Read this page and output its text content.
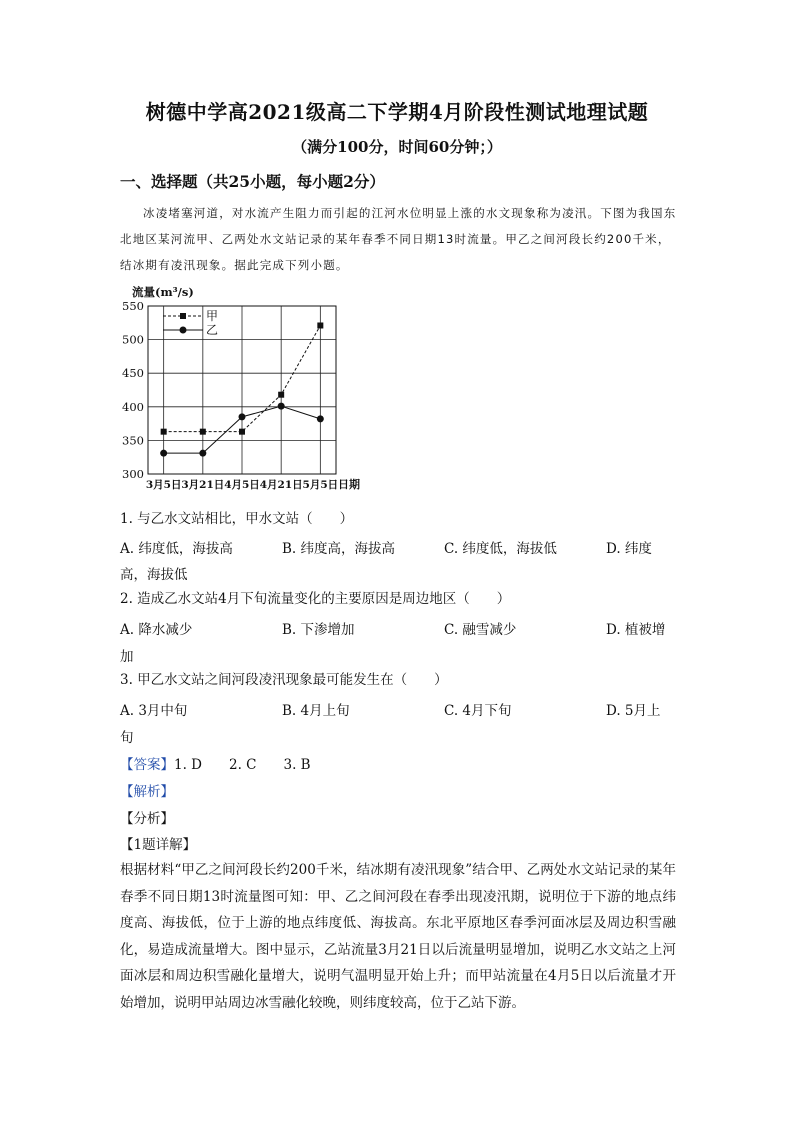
树德中学高2021级高二下学期4月阶段性测试地理试题
（满分100分，时间60分钟；）
一、选择题（共25小题，每小题2分）

冰凌堵塞河道，对水流产生阻力而引起的江河水位明显上涨的水文现象称为凌汛。下图为我国东北地区某河流甲、乙两处水文站记录的某年春季不同日期13时流量。甲乙之间河段长约200千米，结冰期有凌汛现象。据此完成下列小题。

300
350
400
450
500
550
3月5日 3月21日 4月5日 4月21日 5月5日
流量(m³/s)
日期
甲
乙
1. 与乙水文站相比，甲水文站（　　）
A. 纬度低，海拔高	B. 纬度高，海拔高	C. 纬度低，海拔低	D. 纬度
高，海拔低
2. 造成乙水文站4月下旬流量变化的主要原因是周边地区（　　）
A. 降水减少	B. 下渗增加	C. 融雪减少	D. 植被增
加
3. 甲乙水文站之间河段凌汛现象最可能发生在（　　）
A. 3月中旬	B. 4月上旬	C. 4月下旬	D. 5月上
旬
【答案】1. D　　2. C　　3. B
【解析】
【分析】
【1题详解】
根据材料“甲乙之间河段长约200千米，结冰期有凌汛现象”结合甲、乙两处水文站记录的某年春季不同日期13时流量图可知：甲、乙之间河段在春季出现凌汛期，说明位于下游的地点纬度高、海拔低，位于上游的地点纬度低、海拔高。东北平原地区春季河面冰层及周边积雪融化，易造成流量增大。图中显示，乙站流量3月21日以后流量明显增加，说明乙水文站之上河面冰层和周边积雪融化量增大，说明气温明显开始上升；而甲站流量在4月5日以后流量才开始增加，说明甲站周边冰雪融化较晚，则纬度较高，位于乙站下游。
